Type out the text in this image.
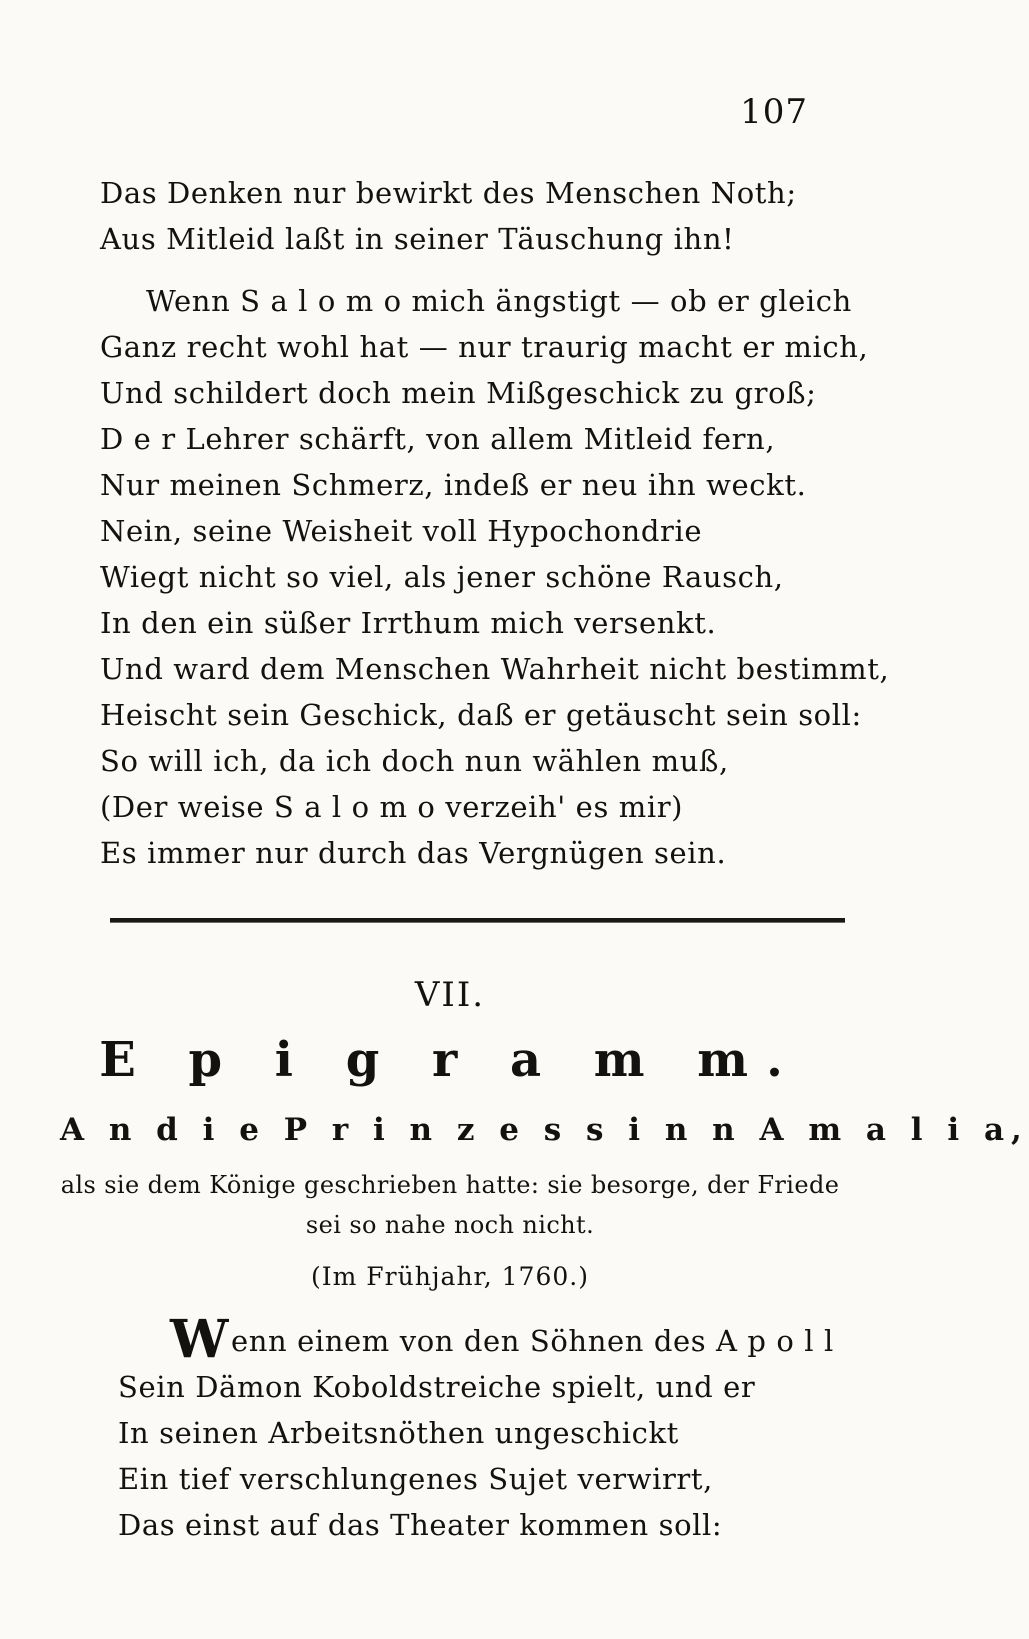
107
Das Denken nur bewirkt des Menschen Noth;
Aus Mitleid laßt in seiner Täuschung ihn!
Wenn S a l o m o mich ängstigt — ob er gleich
Ganz recht wohl hat — nur traurig macht er mich,
Und schildert doch mein Mißgeschick zu groß;
D e r Lehrer schärft, von allem Mitleid fern,
Nur meinen Schmerz, indeß er neu ihn weckt.
Nein, seine Weisheit voll Hypochondrie
Wiegt nicht so viel, als jener schöne Rausch,
In den ein süßer Irrthum mich versenkt.
Und ward dem Menschen Wahrheit nicht bestimmt,
Heischt sein Geschick, daß er getäuscht sein soll:
So will ich, da ich doch nun wählen muß,
(Der weise S a l o m o verzeih' es mir)
Es immer nur durch das Vergnügen sein.
VII.
E p i g r a m m.
A n d i e P r i n z e s s i n n A m a l i a,
als sie dem Könige geschrieben hatte: sie besorge, der Friede sei so nahe noch nicht.
(Im Frühjahr, 1760.)
Wenn einem von den Söhnen des A p o l l
Sein Dämon Koboldstreiche spielt, und er
In seinen Arbeitsnöthen ungeschickt
Ein tief verschlungenes Sujet verwirrt,
Das einst auf das Theater kommen soll:
